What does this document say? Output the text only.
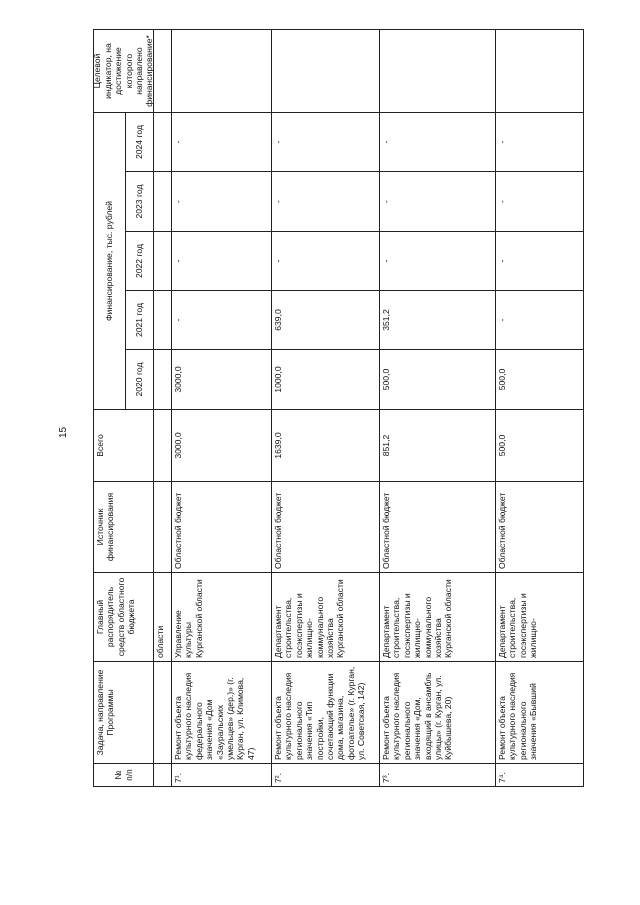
15
№ п/п
Задача, направление Программы
Главный распорядитель средств областного бюджета
Источник финансирования
Всего
Финансирование, тыс. рублей
2020 год
2021 год
2022 год
2023 год
2024 год
Целевой индикатор, на достижение которого направлено финансирование*
области
7¹.
Ремонт объекта культурного наследия федерального значения «Дом «Зауральских умельцев» (дер.)» (г. Курган, ул. Климова, 47)
Управление культуры Курганской области
Областной бюджет
3000,0
3000,0
-
-
-
-
7².
Ремонт объекта культурного наследия регионального значения «Тип постройки, сочетающий функции дома, магазина, фотоателье» (г. Курган, ул. Советская, 142)
Департамент строительства, госэкспертизы и жилищно-коммунального хозяйства Курганской области
Областной бюджет
1639,0
1000,0
639,0
-
-
-
7³.
Ремонт объекта культурного наследия регионального значения «Дом, входящий в ансамбль улицы» (г. Курган, ул. Куйбышева, 20)
Департамент строительства, госэкспертизы и жилищно-коммунального хозяйства Курганской области
Областной бюджет
851,2
500,0
351,2
-
-
-
7⁴.
Ремонт объекта культурного наследия регионального значения «Бывший
Департамент строительства, госэкспертизы и жилищно-
Областной бюджет
500,0
500,0
-
-
-
-
